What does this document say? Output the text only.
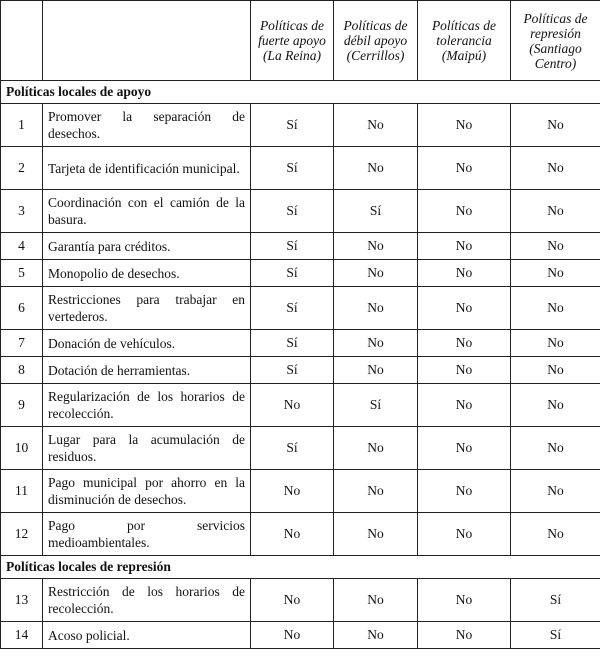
		Políticas de fuerte apoyo (La Reina)	Políticas de débil apoyo (Cerrillos)	Políticas de tolerancia (Maipú)	Políticas de represión (Santiago Centro)
Políticas locales de apoyo					
1	Promover la separación de desechos.	Sí	No	No	No
2	Tarjeta de identificación municipal.	Sí	No	No	No
3	Coordinación con el camión de la basura.	Sí	Sí	No	No
4	Garantía para créditos.	Sí	No	No	No
5	Monopolio de desechos.	Sí	No	No	No
6	Restricciones para trabajar en vertederos.	Sí	No	No	No
7	Donación de vehículos.	Sí	No	No	No
8	Dotación de herramientas.	Sí	No	No	No
9	Regularización de los horarios de recolección.	No	Sí	No	No
10	Lugar para la acumulación de residuos.	Sí	No	No	No
11	Pago municipal por ahorro en la disminución de desechos.	No	No	No	No
12	Pago por servicios medioambientales.	No	No	No	No
Políticas locales de represión					
13	Restricción de los horarios de recolección.	No	No	No	Sí
14	Acoso policial.	No	No	No	Sí
